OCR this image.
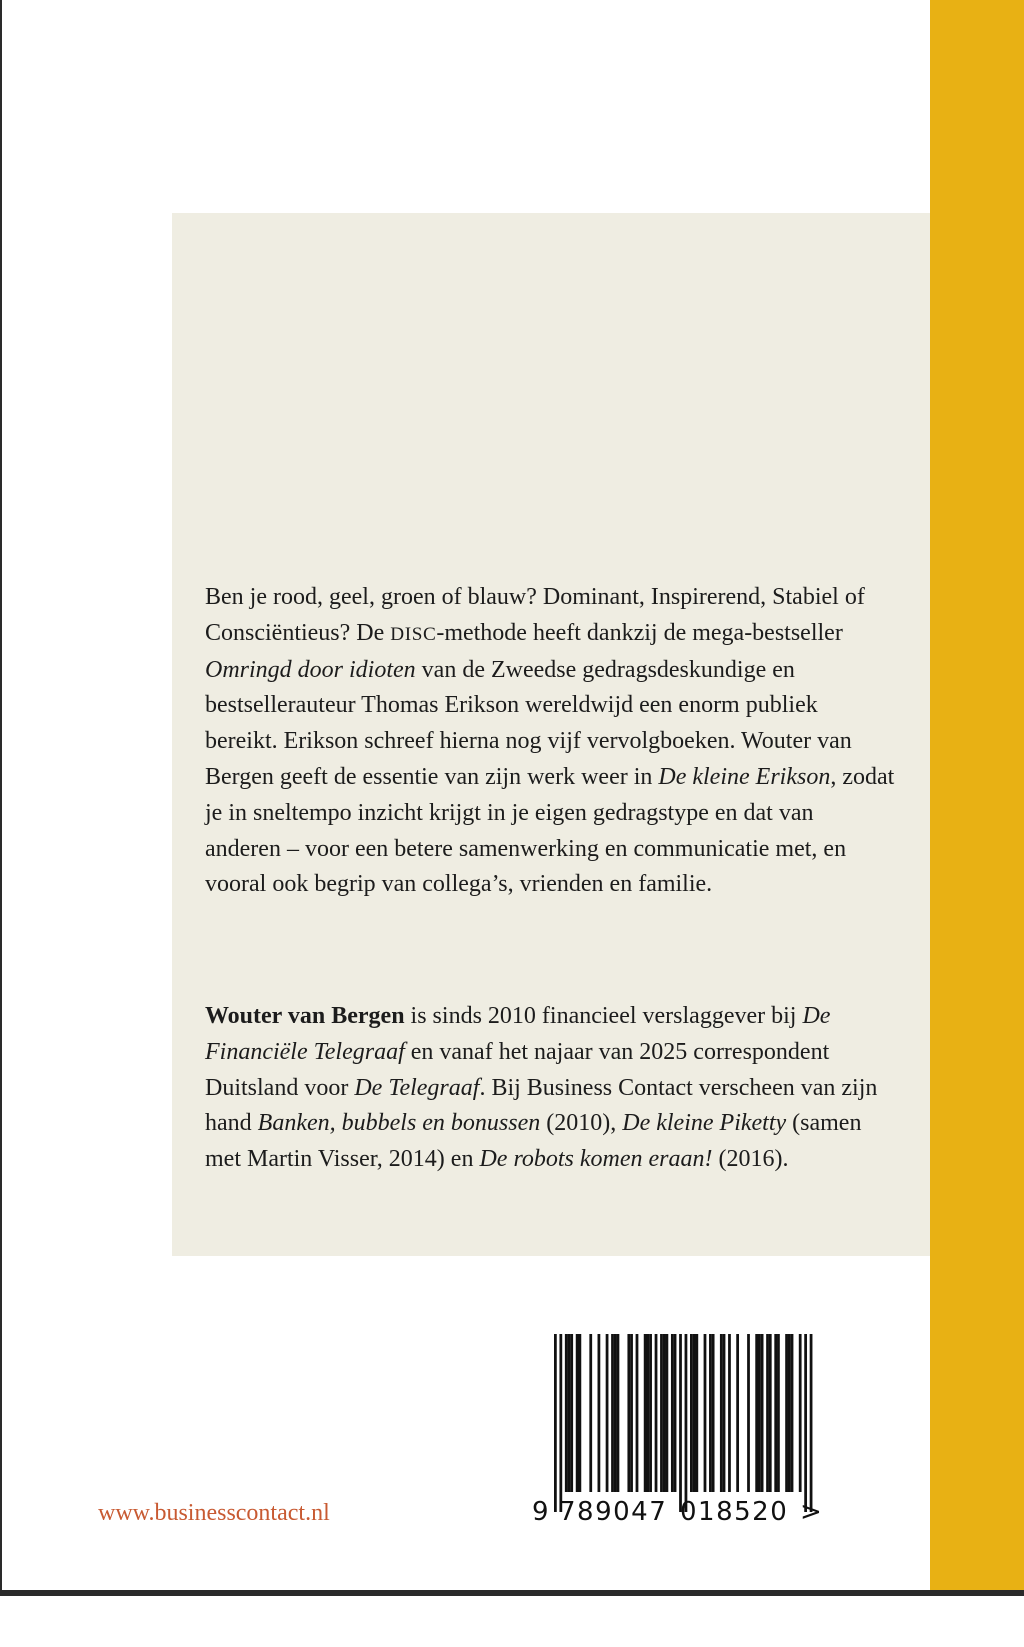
Ben je rood, geel, groen of blauw? Dominant, Inspirerend, Stabiel of Consciëntieus? De DISC-methode heeft dankzij de mega-bestseller Omringd door idioten van de Zweedse gedragsdeskundige en bestsellerauteur Thomas Erikson wereldwijd een enorm publiek bereikt. Erikson schreef hierna nog vijf vervolgboeken. Wouter van Bergen geeft de essentie van zijn werk weer in De kleine Erikson, zodat je in sneltempo inzicht krijgt in je eigen gedragstype en dat van anderen – voor een betere samenwerking en communicatie met, en vooral ook begrip van collega’s, vrienden en familie.

Wouter van Bergen is sinds 2010 financieel verslaggever bij De Financiële Telegraaf en vanaf het najaar van 2025 correspondent Duitsland voor De Telegraaf. Bij Business Contact verscheen van zijn hand Banken, bubbels en bonussen (2010), De kleine Piketty (samen met Martin Visser, 2014) en De robots komen eraan! (2016).

www.businesscontact.nl

	9

789047

018520

>
